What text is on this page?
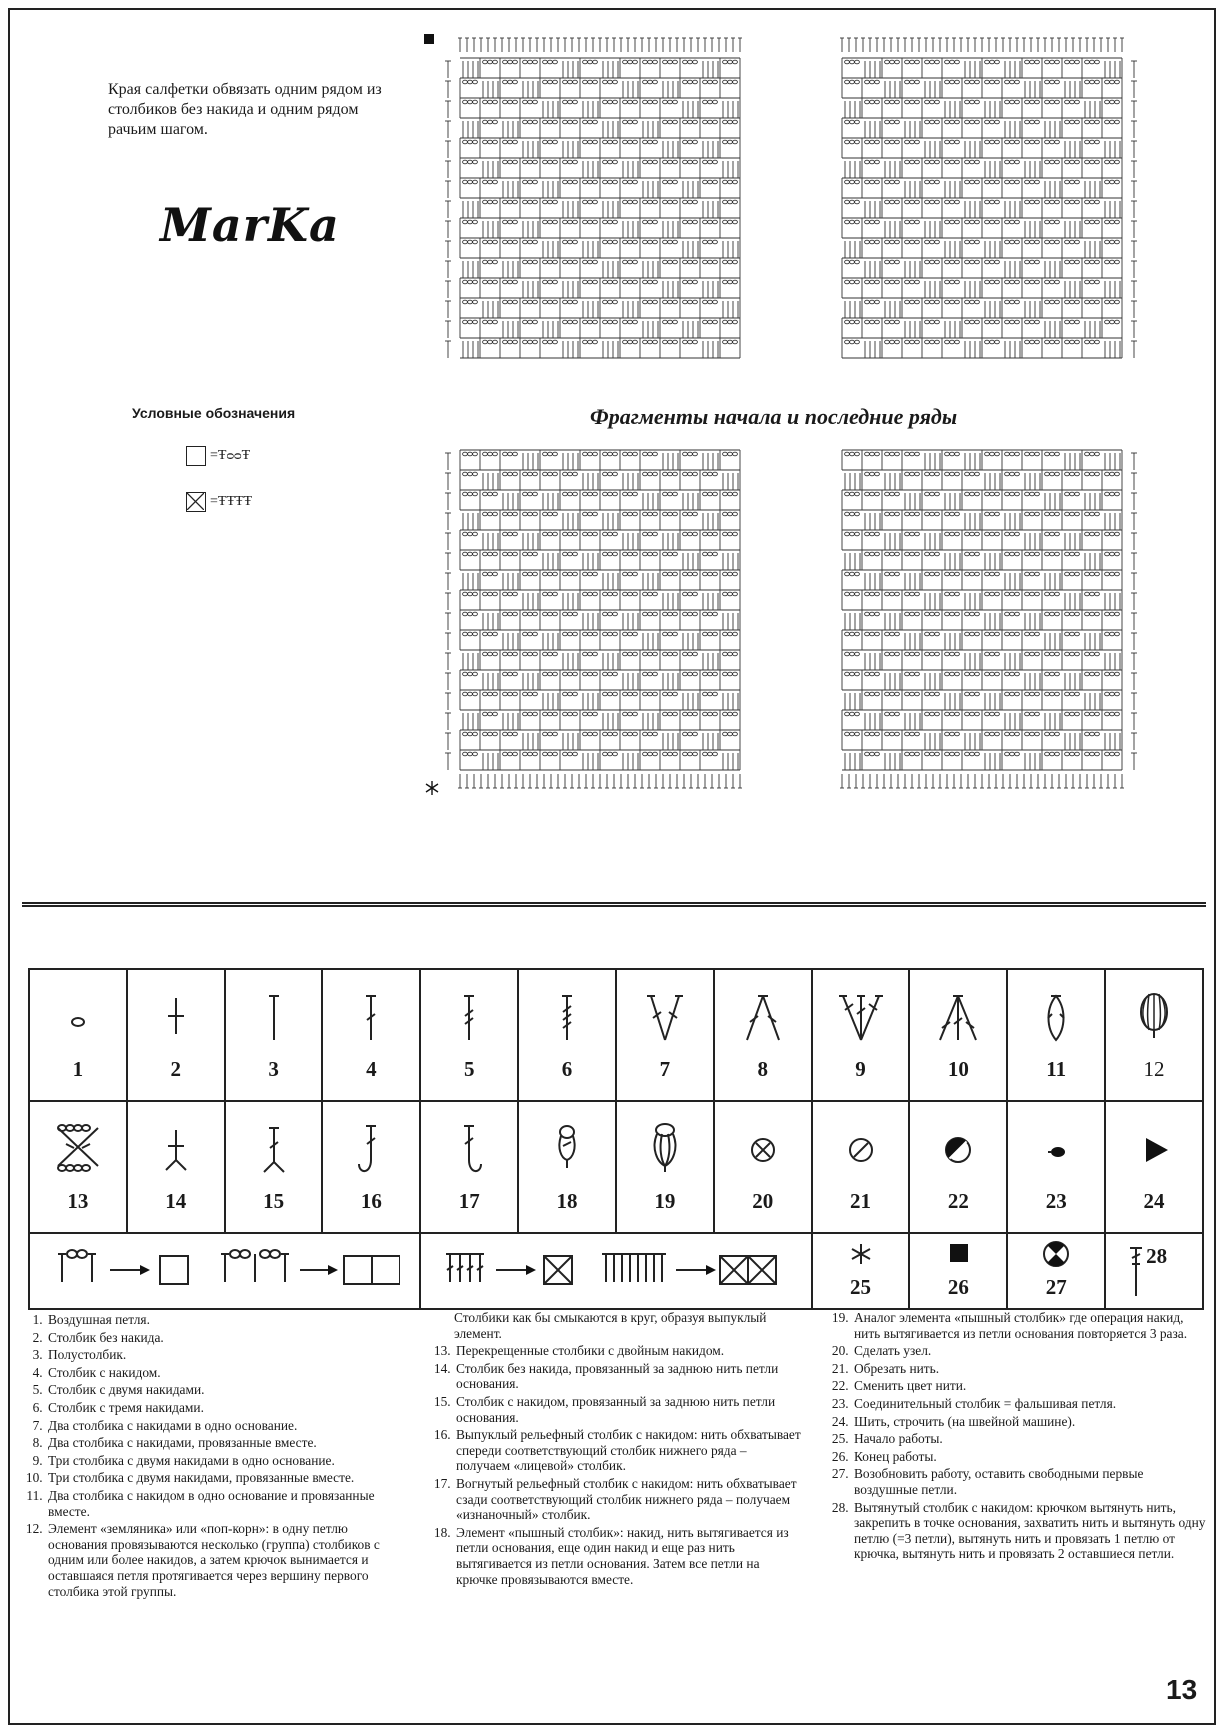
Края салфетки обвязать одним рядом из столбиков без накида и одним рядом рачьим шагом.
MarKa
Условные обозначения
=ŦᴑᴑŦ
=ŦŦŦŦ
Фрагменты начала и последние ряды
1	2	3	4	5	6	7	8	9	10	11	12

13	14	15	16	17	18	19	20	21	22	23	24

25	26	27	28
1. Воздушная петля.
2. Столбик без накида.
3. Полустолбик.
4. Столбик с накидом.
5. Столбик с двумя накидами.
6. Столбик с тремя накидами.
7. Два столбика с накидами в одно основание.
8. Два столбика с накидами, провязанные вместе.
9. Три столбика с двумя накидами в одно основание.
10. Три столбика с двумя накидами, провязанные вместе.
11. Два столбика с накидом в одно основание и провязанные вместе.
12. Элемент «земляника» или «поп-корн»: в одну петлю основания провязываются несколько (группа) столбиков с одним или более накидов, а затем крючок вынимается и оставшаяся петля протягивается через вершину первого столбика этой группы.

Столбики как бы смыкаются в круг, образуя выпуклый элемент.

13. Перекрещенные столбики с двойным накидом.
14. Столбик без накида, провязанный за заднюю нить петли основания.
15. Столбик с накидом, провязанный за заднюю нить петли основания.
16. Выпуклый рельефный столбик с накидом: нить обхватывает спереди соответствующий столбик нижнего ряда – получаем «лицевой» столбик.
17. Вогнутый рельефный столбик с накидом: нить обхватывает сзади соответствующий столбик нижнего ряда – получаем «изнаночный» столбик.
18. Элемент «пышный столбик»: накид, нить вытягивается из петли основания, еще один накид и еще раз нить вытягивается из петли основания. Затем все петли на крючке провязываются вместе.
19. Аналог элемента «пышный столбик» где операция накид, нить вытягивается из петли основания повторяется 3 раза.
20. Сделать узел.
21. Обрезать нить.
22. Сменить цвет нити.
23. Соединительный столбик = фальшивая петля.
24. Шить, строчить (на швейной машине).
25. Начало работы.
26. Конец работы.
27. Возобновить работу, оставить свободными первые воздушные петли.
28. Вытянутый столбик с накидом: крючком вытянуть нить, закрепить в точке основания, захватить нить и вытянуть одну петлю (=3 петли), вытянуть нить и провязать 1 петлю от крючка, вытянуть нить и провязать 2 оставшиеся петли.
13
